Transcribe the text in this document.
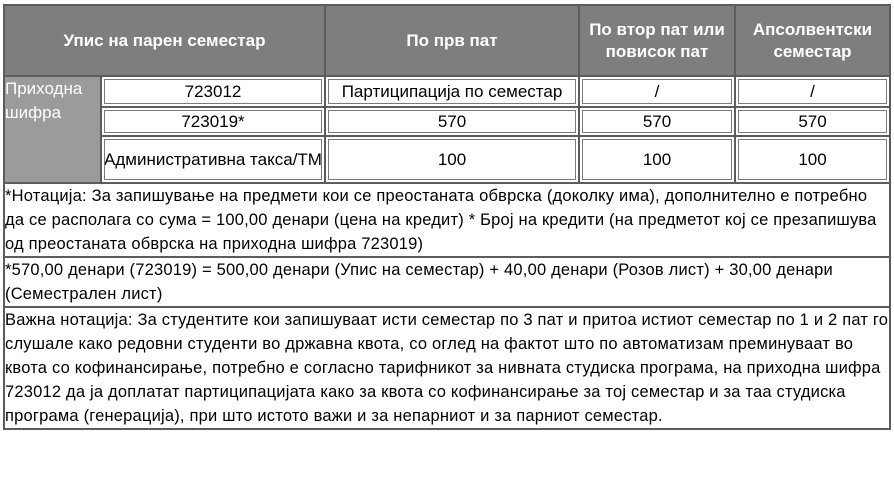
Упис на парен семестар		По прв пат	По втор пат или повисок пат	Апсолвентски семестар
Приходна шифра	723012	Партиципација по семестар	/	/
	723019*	570	570	570
	Административна такса/ТМ	100	100	100
*Нотација: За запишување на предмети кои се преостаната обврска (доколку има), дополнително е потребно да се располага со сума = 100,00 денари (цена на кредит) * Број на кредити (на предметот кој се презапишува од преостаната обврска на приходна шифра 723019)				
*570,00 денари (723019) = 500,00 денари (Упис на семестар) + 40,00 денари (Розов лист) + 30,00 денари (Семестрален лист)				
Важна нотација: За студентите кои запишуваат исти семестар по 3 пат и притоа истиот семестар по 1 и 2 пат го слушале како редовни студенти во државна квота, со оглед на фактот што по автоматизам преминуваат во квота со кофинансирање, потребно е согласно тарифникот за нивната студиска програма, на приходна шифра 723012 да ја доплатат партиципацијата како за квота со кофинансирање за тој семестар и за таа студиска програма (генерација), при што истото важи и за непарниот и за парниот семестар.				
